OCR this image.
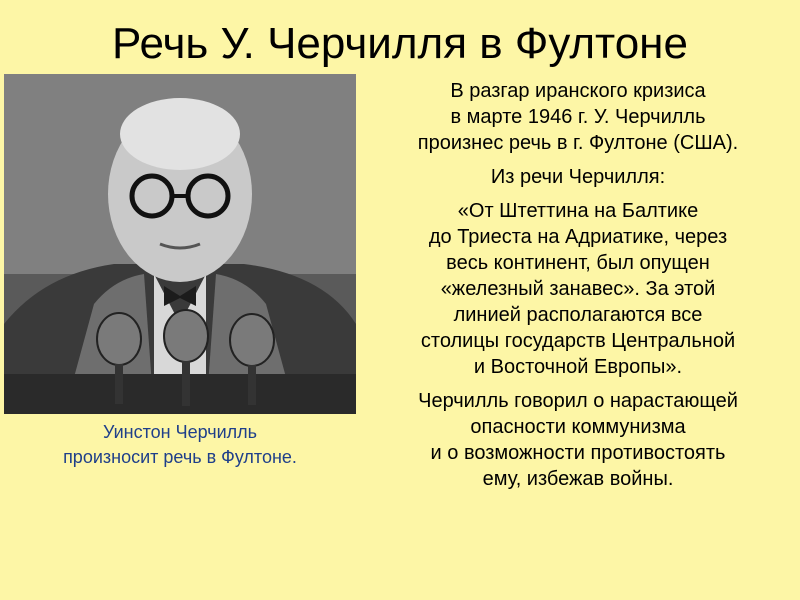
Речь У. Черчилля в Фултоне

Уинстон Черчилль

произносит речь в Фултоне.

В разгар иранского кризиса
в марте 1946 г. У. Черчилль
произнес речь в г. Фултоне (США).

Из речи Черчилля:

«От Штеттина на Балтике
до Триеста на Адриатике, через
весь континент, был опущен
«железный занавес». За этой
линией располагаются все
столицы государств Центральной
и Восточной Европы».

Черчилль говорил о нарастающей
опасности коммунизма
и о возможности противостоять
ему, избежав войны.
